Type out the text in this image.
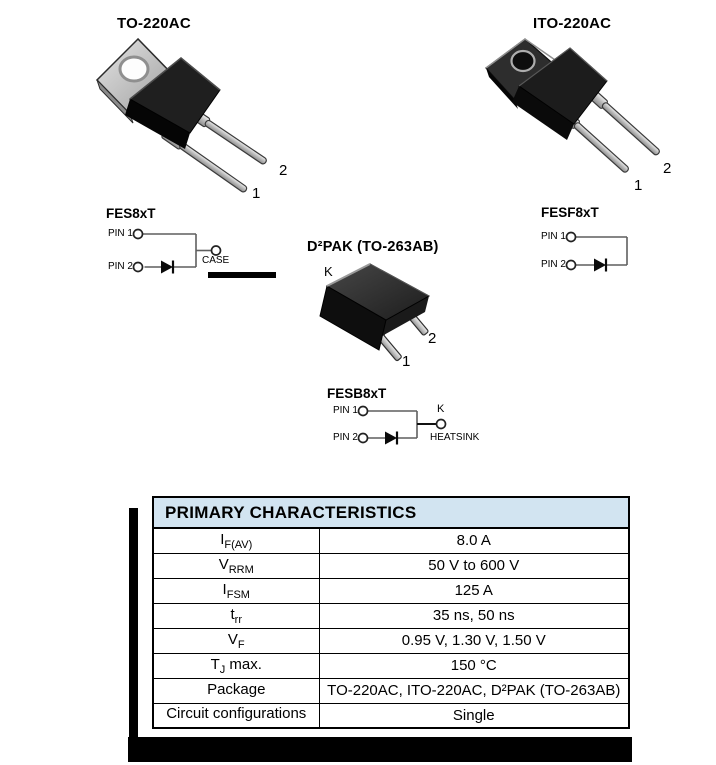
TO-220AC
2
1
ITO-220AC
2
1
FES8xT
PIN 1
PIN 2
CASE
FESF8xT
PIN 1
PIN 2
D²PAK (TO-263AB)
K
2
1
FESB8xT
PIN 1
PIN 2
K
HEATSINK
PRIMARY CHARACTERISTICS	
$I_{F(AV)}$	8.0 A
$V_{RRM}$	50 V to 600 V
$I_{FSM}$	125 A
$t_{rr}$	35 ns, 50 ns
$V_F$	0.95 V, 1.30 V, 1.50 V
$T_J$ max.	150 °C
Package	TO-220AC, ITO-220AC, D²PAK (TO-263AB)
Circuit configurations	Single
